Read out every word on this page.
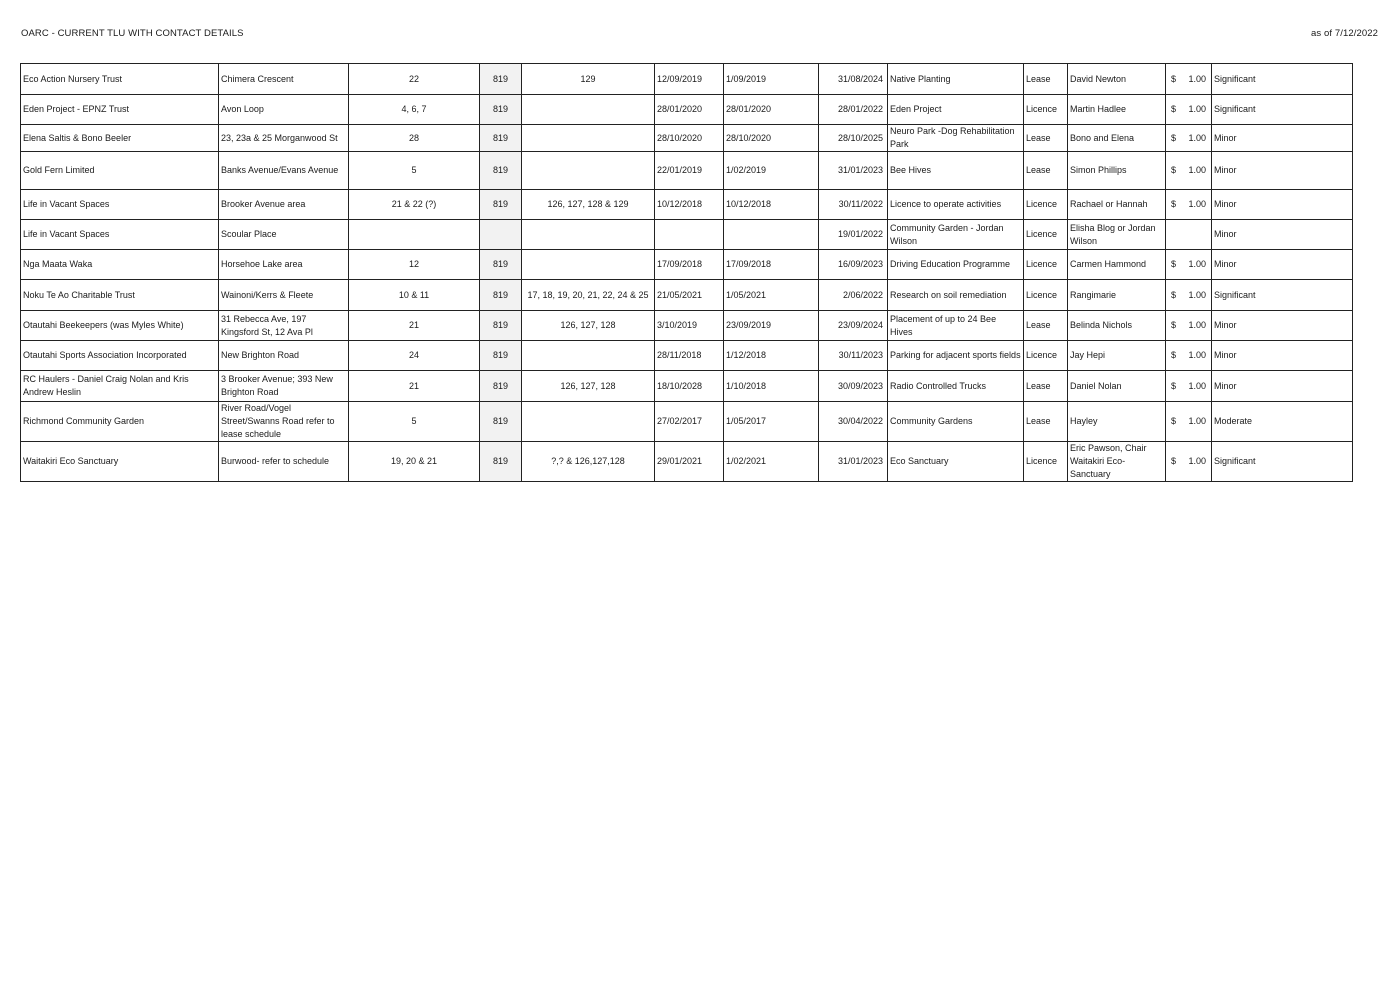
OARC - CURRENT TLU WITH CONTACT DETAILS	as of 7/12/2022
Eco Action Nursery Trust	Chimera Crescent	22	819	129	12/09/2019	1/09/2019	31/08/2024	Native Planting	Lease	David Newton	$ 1.00	Significant
Eden Project - EPNZ Trust	Avon Loop	4, 6, 7	819		28/01/2020	28/01/2020	28/01/2022	Eden Project	Licence	Martin Hadlee	$ 1.00	Significant
Elena Saltis & Bono Beeler	23, 23a & 25 Morganwood St	28	819		28/10/2020	28/10/2020	28/10/2025	Neuro Park -Dog Rehabilitation Park	Lease	Bono and Elena	$ 1.00	Minor
Gold Fern Limited	Banks Avenue/Evans Avenue	5	819		22/01/2019	1/02/2019	31/01/2023	Bee Hives	Lease	Simon Phillips	$ 1.00	Minor
Life in Vacant Spaces	Brooker Avenue area	21 & 22 (?)	819	126, 127, 128 & 129	10/12/2018	10/12/2018	30/11/2022	Licence to operate activities	Licence	Rachael or Hannah	$ 1.00	Minor
Life in Vacant Spaces	Scoular Place						19/01/2022	Community Garden - Jordan Wilson	Licence	Elisha Blog or Jordan Wilson		Minor
Nga Maata Waka	Horsehoe Lake area	12	819		17/09/2018	17/09/2018	16/09/2023	Driving Education Programme	Licence	Carmen Hammond	$ 1.00	Minor
Noku Te Ao Charitable Trust	Wainoni/Kerrs & Fleete	10 & 11	819	17, 18, 19, 20, 21, 22, 24 & 25	21/05/2021	1/05/2021	2/06/2022	Research on soil remediation	Licence	Rangimarie	$ 1.00	Significant
Otautahi Beekeepers (was Myles White)	31 Rebecca Ave, 197 Kingsford St, 12 Ava Pl	21	819	126, 127, 128	3/10/2019	23/09/2019	23/09/2024	Placement of up to 24 Bee Hives	Lease	Belinda Nichols	$ 1.00	Minor
Otautahi Sports Association Incorporated	New Brighton Road	24	819		28/11/2018	1/12/2018	30/11/2023	Parking for adjacent sports fields	Licence	Jay Hepi	$ 1.00	Minor
RC Haulers - Daniel Craig Nolan and Kris Andrew Heslin	3 Brooker Avenue; 393 New Brighton Road	21	819	126, 127, 128	18/10/2028	1/10/2018	30/09/2023	Radio Controlled Trucks	Lease	Daniel Nolan	$ 1.00	Minor
Richmond Community Garden	River Road/Vogel Street/Swanns Road refer to lease schedule	5	819		27/02/2017	1/05/2017	30/04/2022	Community Gardens	Lease	Hayley	$ 1.00	Moderate
Waitakiri Eco Sanctuary	Burwood- refer to schedule	19, 20 & 21	819	?,? & 126,127,128	29/01/2021	1/02/2021	31/01/2023	Eco Sanctuary	Licence	Eric Pawson, Chair Waitakiri Eco-Sanctuary	$ 1.00	Significant
